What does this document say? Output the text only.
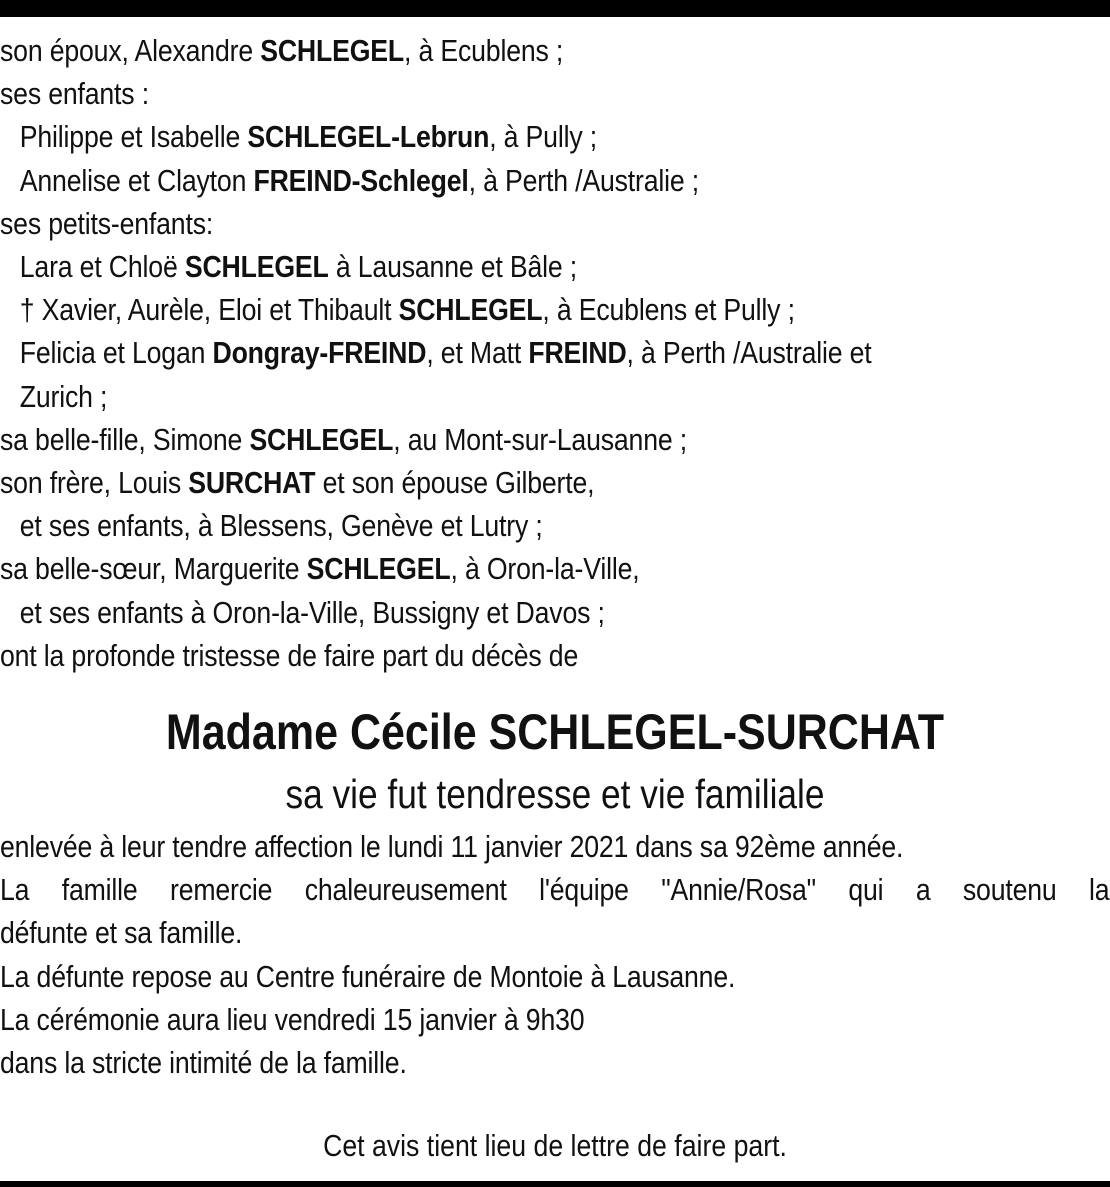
son époux, Alexandre SCHLEGEL, à Ecublens ;
ses enfants :
Philippe et Isabelle SCHLEGEL-Lebrun, à Pully ;
Annelise et Clayton FREIND-Schlegel, à Perth /Australie ;
ses petits-enfants:
Lara et Chloë SCHLEGEL à Lausanne et Bâle ;
† Xavier, Aurèle, Eloi et Thibault SCHLEGEL, à Ecublens et Pully ;
Felicia et Logan Dongray-FREIND, et Matt FREIND, à Perth /Australie et
Zurich ;
sa belle-fille, Simone SCHLEGEL, au Mont-sur-Lausanne ;
son frère, Louis SURCHAT et son épouse Gilberte,
et ses enfants, à Blessens, Genève et Lutry ;
sa belle-sœur, Marguerite SCHLEGEL, à Oron-la-Ville,
et ses enfants à Oron-la-Ville, Bussigny et Davos ;
ont la profonde tristesse de faire part du décès de
Madame Cécile SCHLEGEL-SURCHAT
sa vie fut tendresse et vie familiale
enlevée à leur tendre affection le lundi 11 janvier 2021 dans sa 92ème année.
La famille remercie chaleureusement l'équipe "Annie/Rosa" qui a soutenu la
défunte et sa famille.
La défunte repose au Centre funéraire de Montoie à Lausanne.
La cérémonie aura lieu vendredi 15 janvier à 9h30
dans la stricte intimité de la famille.
Cet avis tient lieu de lettre de faire part.
